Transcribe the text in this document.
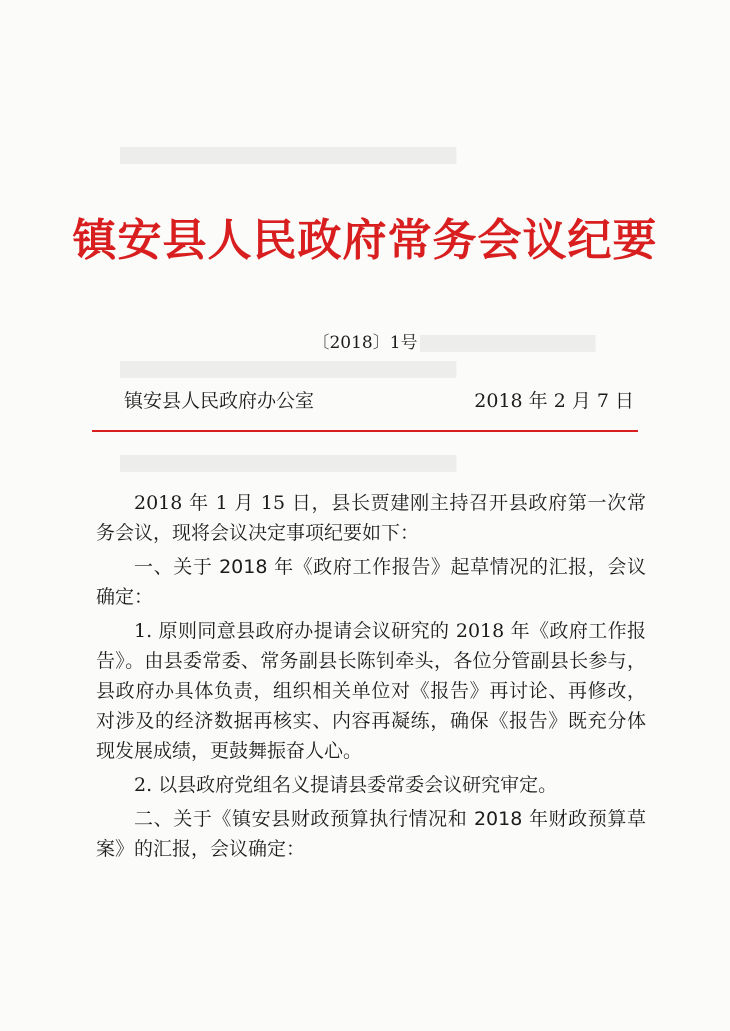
▆▆▆▆▆▆▆▆▆▆▆▆▆▆▆▆▆▆▆▆▆▆▆
▆▆▆▆▆▆▆▆▆▆▆▆
▆▆▆▆▆▆▆▆▆▆▆▆▆▆▆▆▆▆▆▆▆▆▆
▆▆▆▆▆▆▆▆▆▆▆▆▆▆▆▆▆▆▆▆▆▆▆
镇安县人民政府常务会议纪要
〔2018〕1号
镇安县人民政府办公室	2018 年 2 月 7 日

2018 年 1 月 15 日，县长贾建刚主持召开县政府第一次常务会议，现将会议决定事项纪要如下：

一、关于 2018 年《政府工作报告》起草情况的汇报，会议确定：

1. 原则同意县政府办提请会议研究的 2018 年《政府工作报告》。由县委常委、常务副县长陈钊牵头，各位分管副县长参与，县政府办具体负责，组织相关单位对《报告》再讨论、再修改，对涉及的经济数据再核实、内容再凝练，确保《报告》既充分体现发展成绩，更鼓舞振奋人心。

2. 以县政府党组名义提请县委常委会议研究审定。

二、关于《镇安县财政预算执行情况和 2018 年财政预算草案》的汇报，会议确定：
